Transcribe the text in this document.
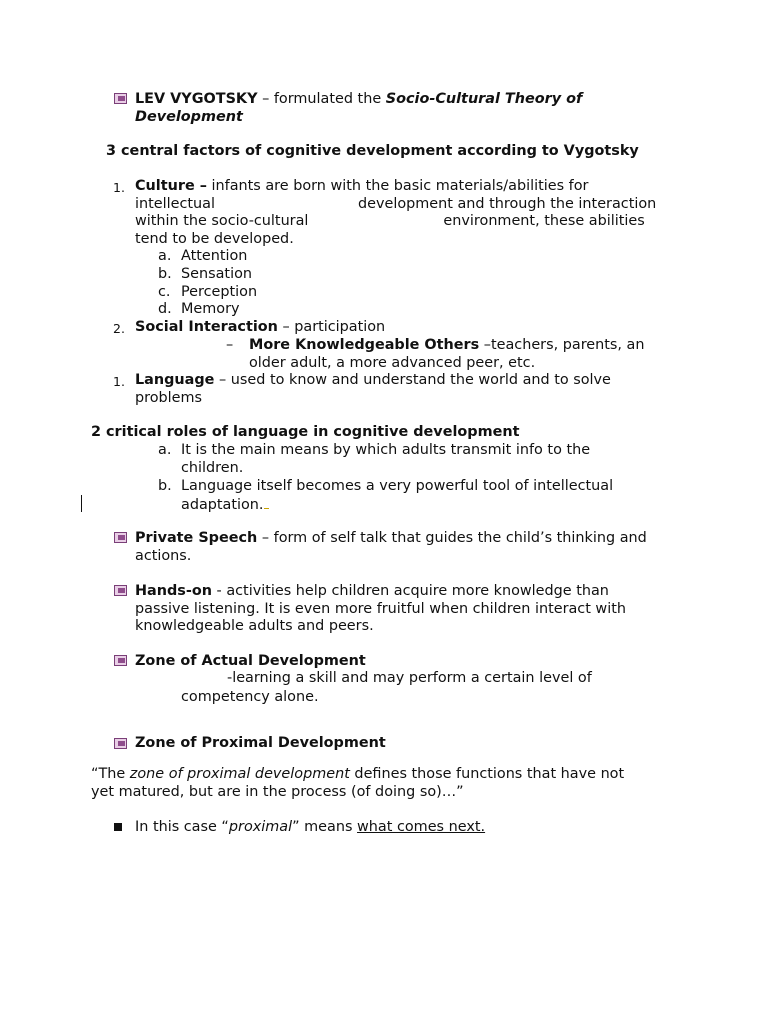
LEV VYGOTSKY – formulated the Socio-Cultural Theory of
Development
3 central factors of cognitive development according to Vygotsky
1. Culture – infants are born with the basic materials/abilities for
intellectual	development and through the interaction
within the socio-cultural	environment, these abilities
tend to be developed.
a. Attention
b. Sensation
c. Perception
d. Memory
2. Social Interaction – participation
– More Knowledgeable Others –teachers, parents, an
older adult, a more advanced peer, etc.
1. Language – used to know and understand the world and to solve
problems
2 critical roles of language in cognitive development
a. It is the main means by which adults transmit info to the
children.
b. Language itself becomes a very powerful tool of intellectual
adaptation.
Private Speech – form of self talk that guides the child’s thinking and
actions.
Hands-on - activities help children acquire more knowledge than
passive listening. It is even more fruitful when children interact with
knowledgeable adults and peers.
Zone of Actual Development
-learning a skill and may perform a certain level of
competency alone.
Zone of Proximal Development
“The zone of proximal development defines those functions that have not
yet matured, but are in the process (of doing so)…”
In this case “proximal” means what comes next.
